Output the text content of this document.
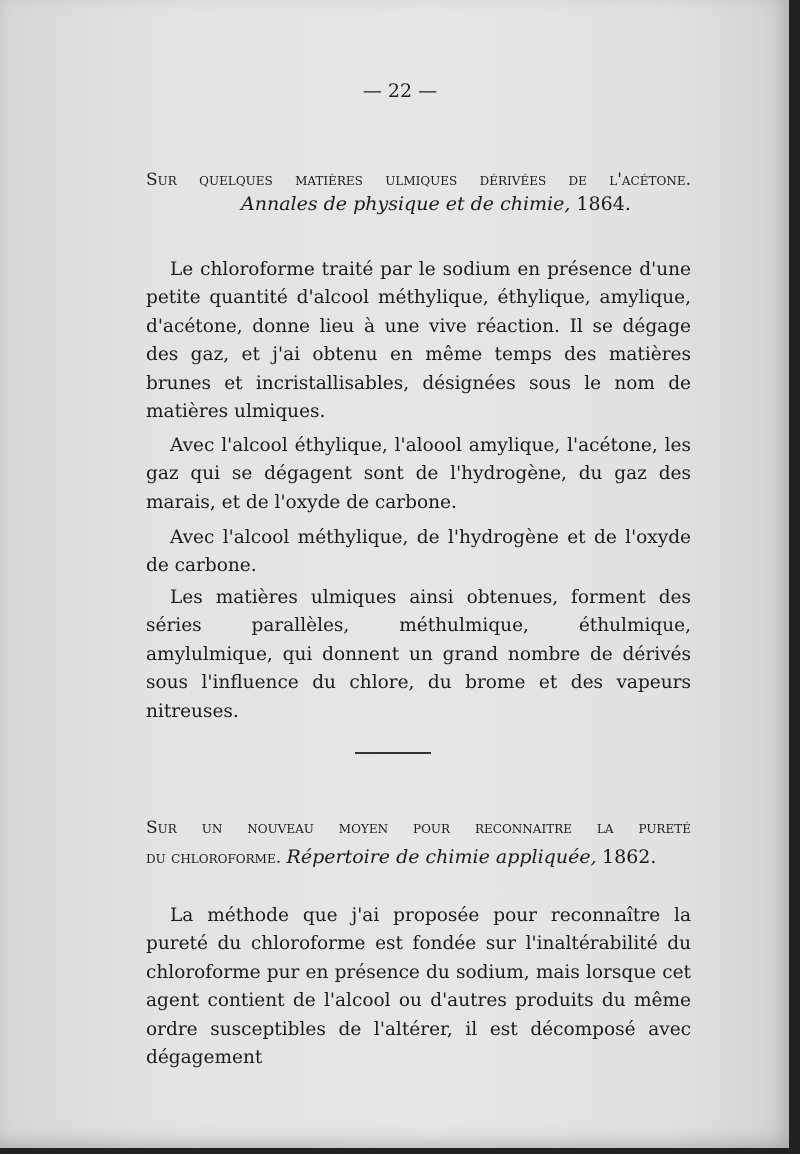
— 22 —
Sur quelques matières ulmiques dérivées de l'acétone.
Annales de physique et de chimie, 1864.

Le chloroforme traité par le sodium en présence d'une petite quantité d'alcool méthylique, éthylique, amylique, d'acétone, donne lieu à une vive réaction. Il se dégage des gaz, et j'ai obtenu en même temps des matières brunes et incristallisables, désignées sous le nom de matières ulmiques.

Avec l'alcool éthylique, l'aloool amylique, l'acétone, les gaz qui se dégagent sont de l'hydrogène, du gaz des marais, et de l'oxyde de carbone.

Avec l'alcool méthylique, de l'hydrogène et de l'oxyde de carbone.

Les matières ulmiques ainsi obtenues, forment des séries parallèles, méthulmique, éthulmique, amylulmique, qui donnent un grand nombre de dérivés sous l'influence du chlore, du brome et des vapeurs nitreuses.

Sur un nouveau moyen pour reconnaitre la pureté
du chloroforme. Répertoire de chimie appliquée, 1862.

La méthode que j'ai proposée pour reconnaître la pureté du chloroforme est fondée sur l'inaltérabilité du chloroforme pur en présence du sodium, mais lorsque cet agent contient de l'alcool ou d'autres produits du même ordre susceptibles de l'altérer, il est décomposé avec dégagement
